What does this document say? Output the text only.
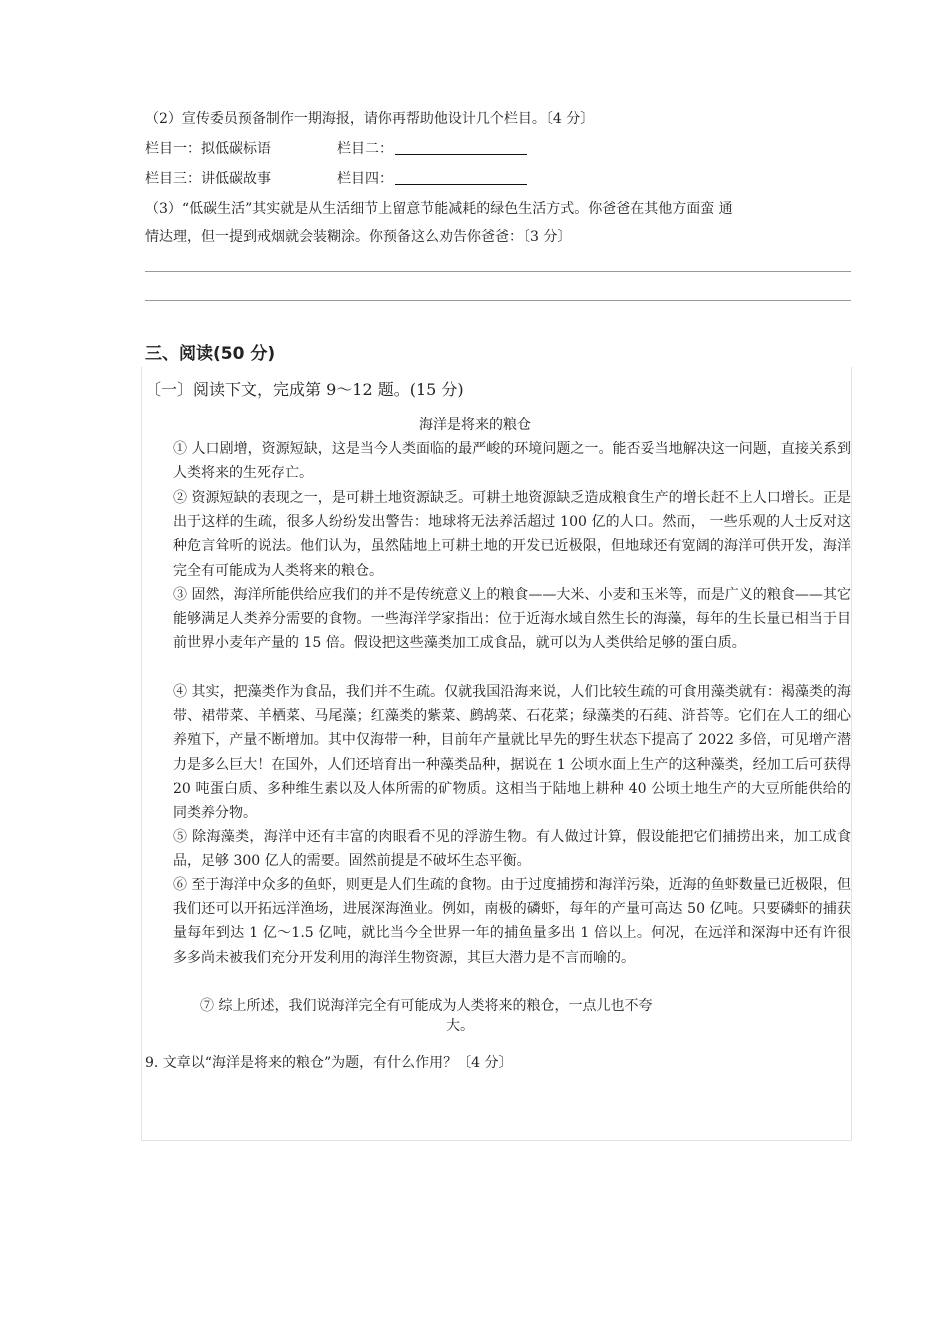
（2）宣传委员预备制作一期海报，请你再帮助他设计几个栏目。〔4 分〕
栏目一：拟低碳标语	栏目二：
栏目三：讲低碳故事	栏目四：
（3）“低碳生活”其实就是从生活细节上留意节能减耗的绿色生活方式。你爸爸在其他方面蛮 通
情达理，但一提到戒烟就会装糊涂。你预备这么劝告你爸爸：〔3 分〕
三、阅读(50 分)
〔一〕阅读下文，完成第 9～12 题。(15 分)
海洋是将来的粮仓
① 人口剧增，资源短缺，这是当今人类面临的最严峻的环境问题之一。能否妥当地解决这一问题，直接关系到人类将来的生死存亡。
② 资源短缺的表现之一，是可耕土地资源缺乏。可耕土地资源缺乏造成粮食生产的增长赶不上人口增长。正是出于这样的生疏，很多人纷纷发出警告：地球将无法养活超过 100 亿的人口。然而， 一些乐观的人士反对这种危言耸听的说法。他们认为，虽然陆地上可耕土地的开发已近极限，但地球还有宽阔的海洋可供开发，海洋完全有可能成为人类将来的粮仓。
③ 固然，海洋所能供给应我们的并不是传统意义上的粮食——大米、小麦和玉米等，而是广义的粮食——其它能够满足人类养分需要的食物。一些海洋学家指出：位于近海水域自然生长的海藻，每年的生长量已相当于目前世界小麦年产量的 15 倍。假设把这些藻类加工成食品，就可以为人类供给足够的蛋白质。
④ 其实，把藻类作为食品，我们并不生疏。仅就我国沿海来说，人们比较生疏的可食用藻类就有：褐藻类的海带、裙带菜、羊栖菜、马尾藻；红藻类的紫菜、鹧鸪菜、石花菜；绿藻类的石莼、浒苔等。它们在人工的细心养殖下，产量不断增加。其中仅海带一种，目前年产量就比早先的野生状态下提高了 2022 多倍，可见增产潜力是多么巨大！在国外，人们还培育出一种藻类品种，据说在 1 公顷水面上生产的这种藻类，经加工后可获得 20 吨蛋白质、多种维生素以及人体所需的矿物质。这相当于陆地上耕种 40 公顷土地生产的大豆所能供给的同类养分物。
⑤ 除海藻类，海洋中还有丰富的肉眼看不见的浮游生物。有人做过计算，假设能把它们捕捞出来，加工成食品，足够 300 亿人的需要。固然前提是不破坏生态平衡。
⑥ 至于海洋中众多的鱼虾，则更是人们生疏的食物。由于过度捕捞和海洋污染，近海的鱼虾数量已近极限，但我们还可以开拓远洋渔场，进展深海渔业。例如，南极的磷虾，每年的产量可高达 50 亿吨。只要磷虾的捕获量每年到达 1 亿～1.5 亿吨，就比当今全世界一年的捕鱼量多出 1 倍以上。何况，在远洋和深海中还有许很多多尚未被我们充分开发利用的海洋生物资源，其巨大潜力是不言而喻的。
⑦ 综上所述，我们说海洋完全有可能成为人类将来的粮仓，一点儿也不夸
大。
9. 文章以“海洋是将来的粮仓”为题，有什么作用？〔4 分〕
